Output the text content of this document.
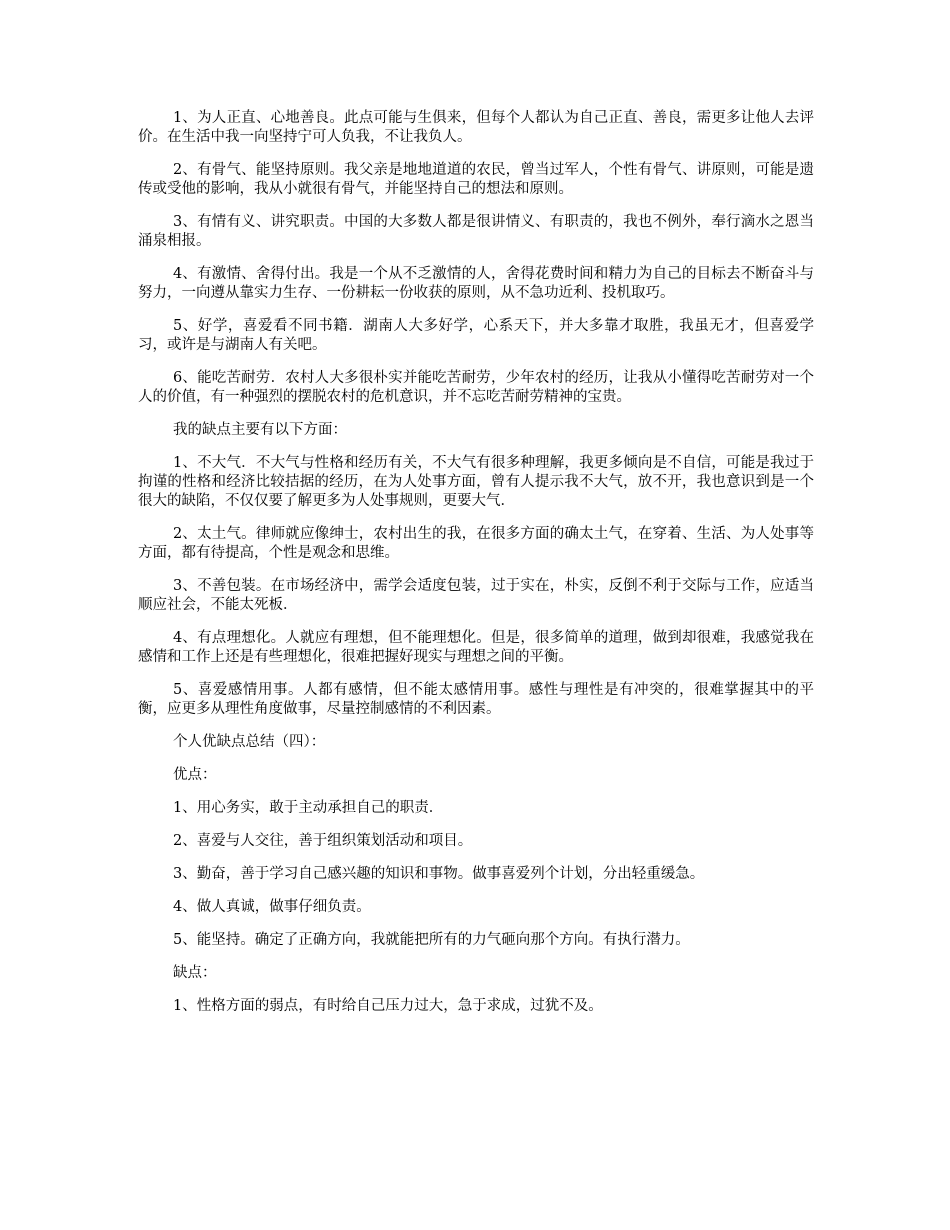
1、为人正直、心地善良。此点可能与生俱来，但每个人都认为自己正直、善良，需更多让他人去评价。在生活中我一向坚持宁可人负我，不让我负人。

2、有骨气、能坚持原则。我父亲是地地道道的农民，曾当过军人，个性有骨气、讲原则，可能是遗传或受他的影响，我从小就很有骨气，并能坚持自己的想法和原则。

3、有情有义、讲究职责。中国的大多数人都是很讲情义、有职责的，我也不例外，奉行滴水之恩当涌泉相报。

4、有激情、舍得付出。我是一个从不乏激情的人，舍得花费时间和精力为自己的目标去不断奋斗与努力，一向遵从靠实力生存、一份耕耘一份收获的原则，从不急功近利、投机取巧。

5、好学，喜爱看不同书籍．湖南人大多好学，心系天下，并大多靠才取胜，我虽无才，但喜爱学习，或许是与湖南人有关吧。

6、能吃苦耐劳．农村人大多很朴实并能吃苦耐劳，少年农村的经历，让我从小懂得吃苦耐劳对一个人的价值，有一种强烈的摆脱农村的危机意识，并不忘吃苦耐劳精神的宝贵。

我的缺点主要有以下方面：

1、不大气．不大气与性格和经历有关，不大气有很多种理解，我更多倾向是不自信，可能是我过于拘谨的性格和经济比较拮据的经历，在为人处事方面，曾有人提示我不大气，放不开，我也意识到是一个很大的缺陷，不仅仅要了解更多为人处事规则，更要大气．

2、太土气。律师就应像绅士，农村出生的我，在很多方面的确太土气，在穿着、生活、为人处事等方面，都有待提高，个性是观念和思维。

3、不善包装。在市场经济中，需学会适度包装，过于实在，朴实，反倒不利于交际与工作，应适当顺应社会，不能太死板．

4、有点理想化。人就应有理想，但不能理想化。但是，很多简单的道理，做到却很难，我感觉我在感情和工作上还是有些理想化，很难把握好现实与理想之间的平衡。

5、喜爱感情用事。人都有感情，但不能太感情用事。感性与理性是有冲突的，很难掌握其中的平衡，应更多从理性角度做事，尽量控制感情的不利因素。

个人优缺点总结（四）：

优点：

1、用心务实，敢于主动承担自己的职责．

2、喜爱与人交往，善于组织策划活动和项目。

3、勤奋，善于学习自己感兴趣的知识和事物。做事喜爱列个计划，分出轻重缓急。

4、做人真诚，做事仔细负责。

5、能坚持。确定了正确方向，我就能把所有的力气砸向那个方向。有执行潜力。

缺点：

1、性格方面的弱点，有时给自己压力过大，急于求成，过犹不及。
